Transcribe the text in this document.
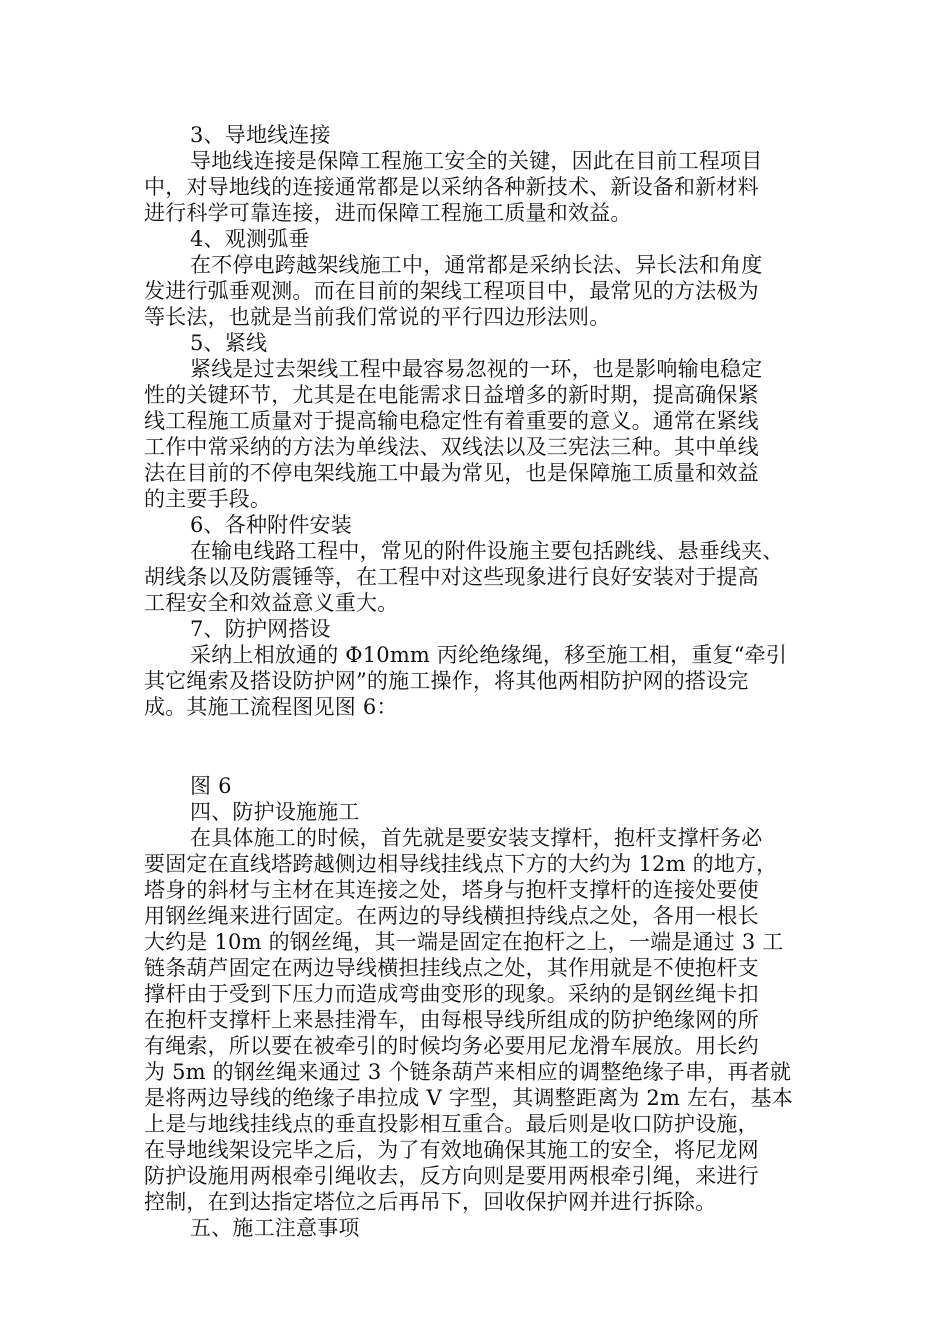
3、导地线连接
导地线连接是保障工程施工安全的关键，因此在目前工程项目
中，对导地线的连接通常都是以采纳各种新技术、新设备和新材料
进行科学可靠连接，进而保障工程施工质量和效益。
4、观测弧垂
在不停电跨越架线施工中，通常都是采纳长法、异长法和角度
发进行弧垂观测。而在目前的架线工程项目中，最常见的方法极为
等长法，也就是当前我们常说的平行四边形法则。
5、紧线
紧线是过去架线工程中最容易忽视的一环，也是影响输电稳定
性的关键环节，尤其是在电能需求日益增多的新时期，提高确保紧
线工程施工质量对于提高输电稳定性有着重要的意义。通常在紧线
工作中常采纳的方法为单线法、双线法以及三宪法三种。其中单线
法在目前的不停电架线施工中最为常见，也是保障施工质量和效益
的主要手段。
6、各种附件安装
在输电线路工程中，常见的附件设施主要包括跳线、悬垂线夹、
胡线条以及防震锤等，在工程中对这些现象进行良好安装对于提高
工程安全和效益意义重大。
7、防护网搭设
采纳上相放通的 Φ10mm 丙纶绝缘绳，移至施工相，重复“牵引
其它绳索及搭设防护网”的施工操作，将其他两相防护网的搭设完
成。其施工流程图见图 6：
图 6
四、防护设施施工
在具体施工的时候，首先就是要安装支撑杆，抱杆支撑杆务必
要固定在直线塔跨越侧边相导线挂线点下方的大约为 12m 的地方，
塔身的斜材与主材在其连接之处，塔身与抱杆支撑杆的连接处要使
用钢丝绳来进行固定。在两边的导线横担持线点之处，各用一根长
大约是 10m 的钢丝绳，其一端是固定在抱杆之上，一端是通过 3 工
链条葫芦固定在两边导线横担挂线点之处，其作用就是不使抱杆支
撑杆由于受到下压力而造成弯曲变形的现象。采纳的是钢丝绳卡扣
在抱杆支撑杆上来悬挂滑车，由每根导线所组成的防护绝缘网的所
有绳索，所以要在被牵引的时候均务必要用尼龙滑车展放。用长约
为 5m 的钢丝绳来通过 3 个链条葫芦来相应的调整绝缘子串，再者就
是将两边导线的绝缘子串拉成 V 字型，其调整距离为 2m 左右，基本
上是与地线挂线点的垂直投影相互重合。最后则是收口防护设施，
在导地线架设完毕之后，为了有效地确保其施工的安全，将尼龙网
防护设施用两根牵引绳收去，反方向则是要用两根牵引绳，来进行
控制，在到达指定塔位之后再吊下，回收保护网并进行拆除。
五、施工注意事项
